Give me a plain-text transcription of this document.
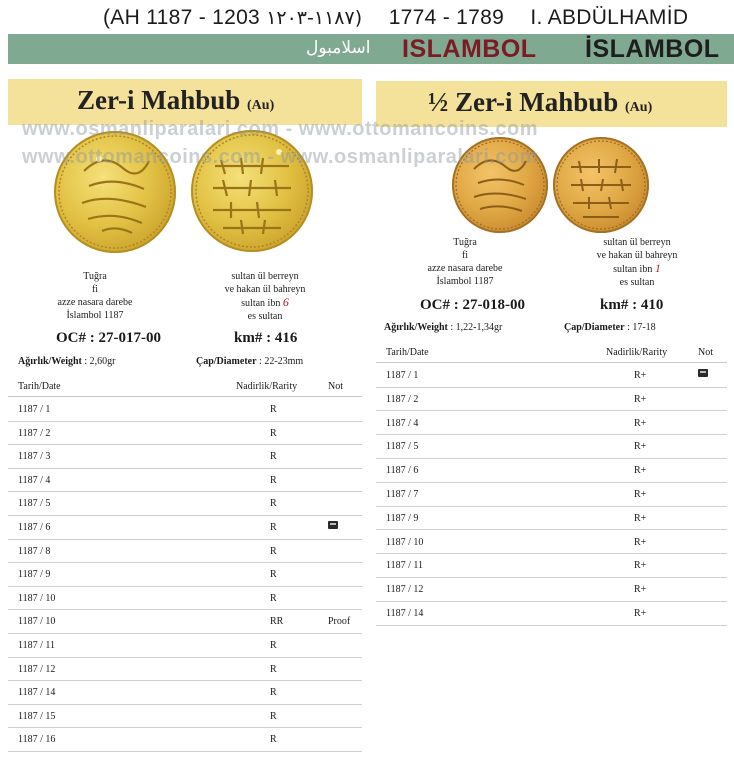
(AH 1187 - 1203 ١١٨٧-١٢٠٣) 1774 - 1789 I. ABDÜLHAMİD
اسلامبول ISLAMBOL İSLAMBOL
Zer-i Mahbub (Au)	½ Zer-i Mahbub (Au)
www.osmanliparalari.com - www.ottomancoins.com
www.ottomancoins.com - www.osmanliparalari.com
Tuğra
fi
azze nasara darebe
İslambol 1187
sultan ül berreyn
ve hakan ül bahreyn
sultan ibn 6
es sultan
Tuğra
fi
azze nasara darebe
İslambol 1187
sultan ül berreyn
ve hakan ül bahreyn
sultan ibn 1
es sultan
OC# : 27-017-00	km# : 416
Ağırlık/Weight : 2,60gr	Çap/Diameter : 22-23mm
OC# : 27-018-00	km# : 410
Ağırlık/Weight : 1,22-1,34gr	Çap/Diameter : 17-18
Tarih/Date	Nadirlik/Rarity	Not
1187 / 1	R
1187 / 2	R
1187 / 3	R
1187 / 4	R
1187 / 5	R
1187 / 6	R
1187 / 8	R
1187 / 9	R
1187 / 10	R
1187 / 10	RR	Proof
1187 / 11	R
1187 / 12	R
1187 / 14	R
1187 / 15	R
1187 / 16	R
Tarih/Date	Nadirlik/Rarity	Not
1187 / 1	R+
1187 / 2	R+
1187 / 4	R+
1187 / 5	R+
1187 / 6	R+
1187 / 7	R+
1187 / 9	R+
1187 / 10	R+
1187 / 11	R+
1187 / 12	R+
1187 / 14	R+
